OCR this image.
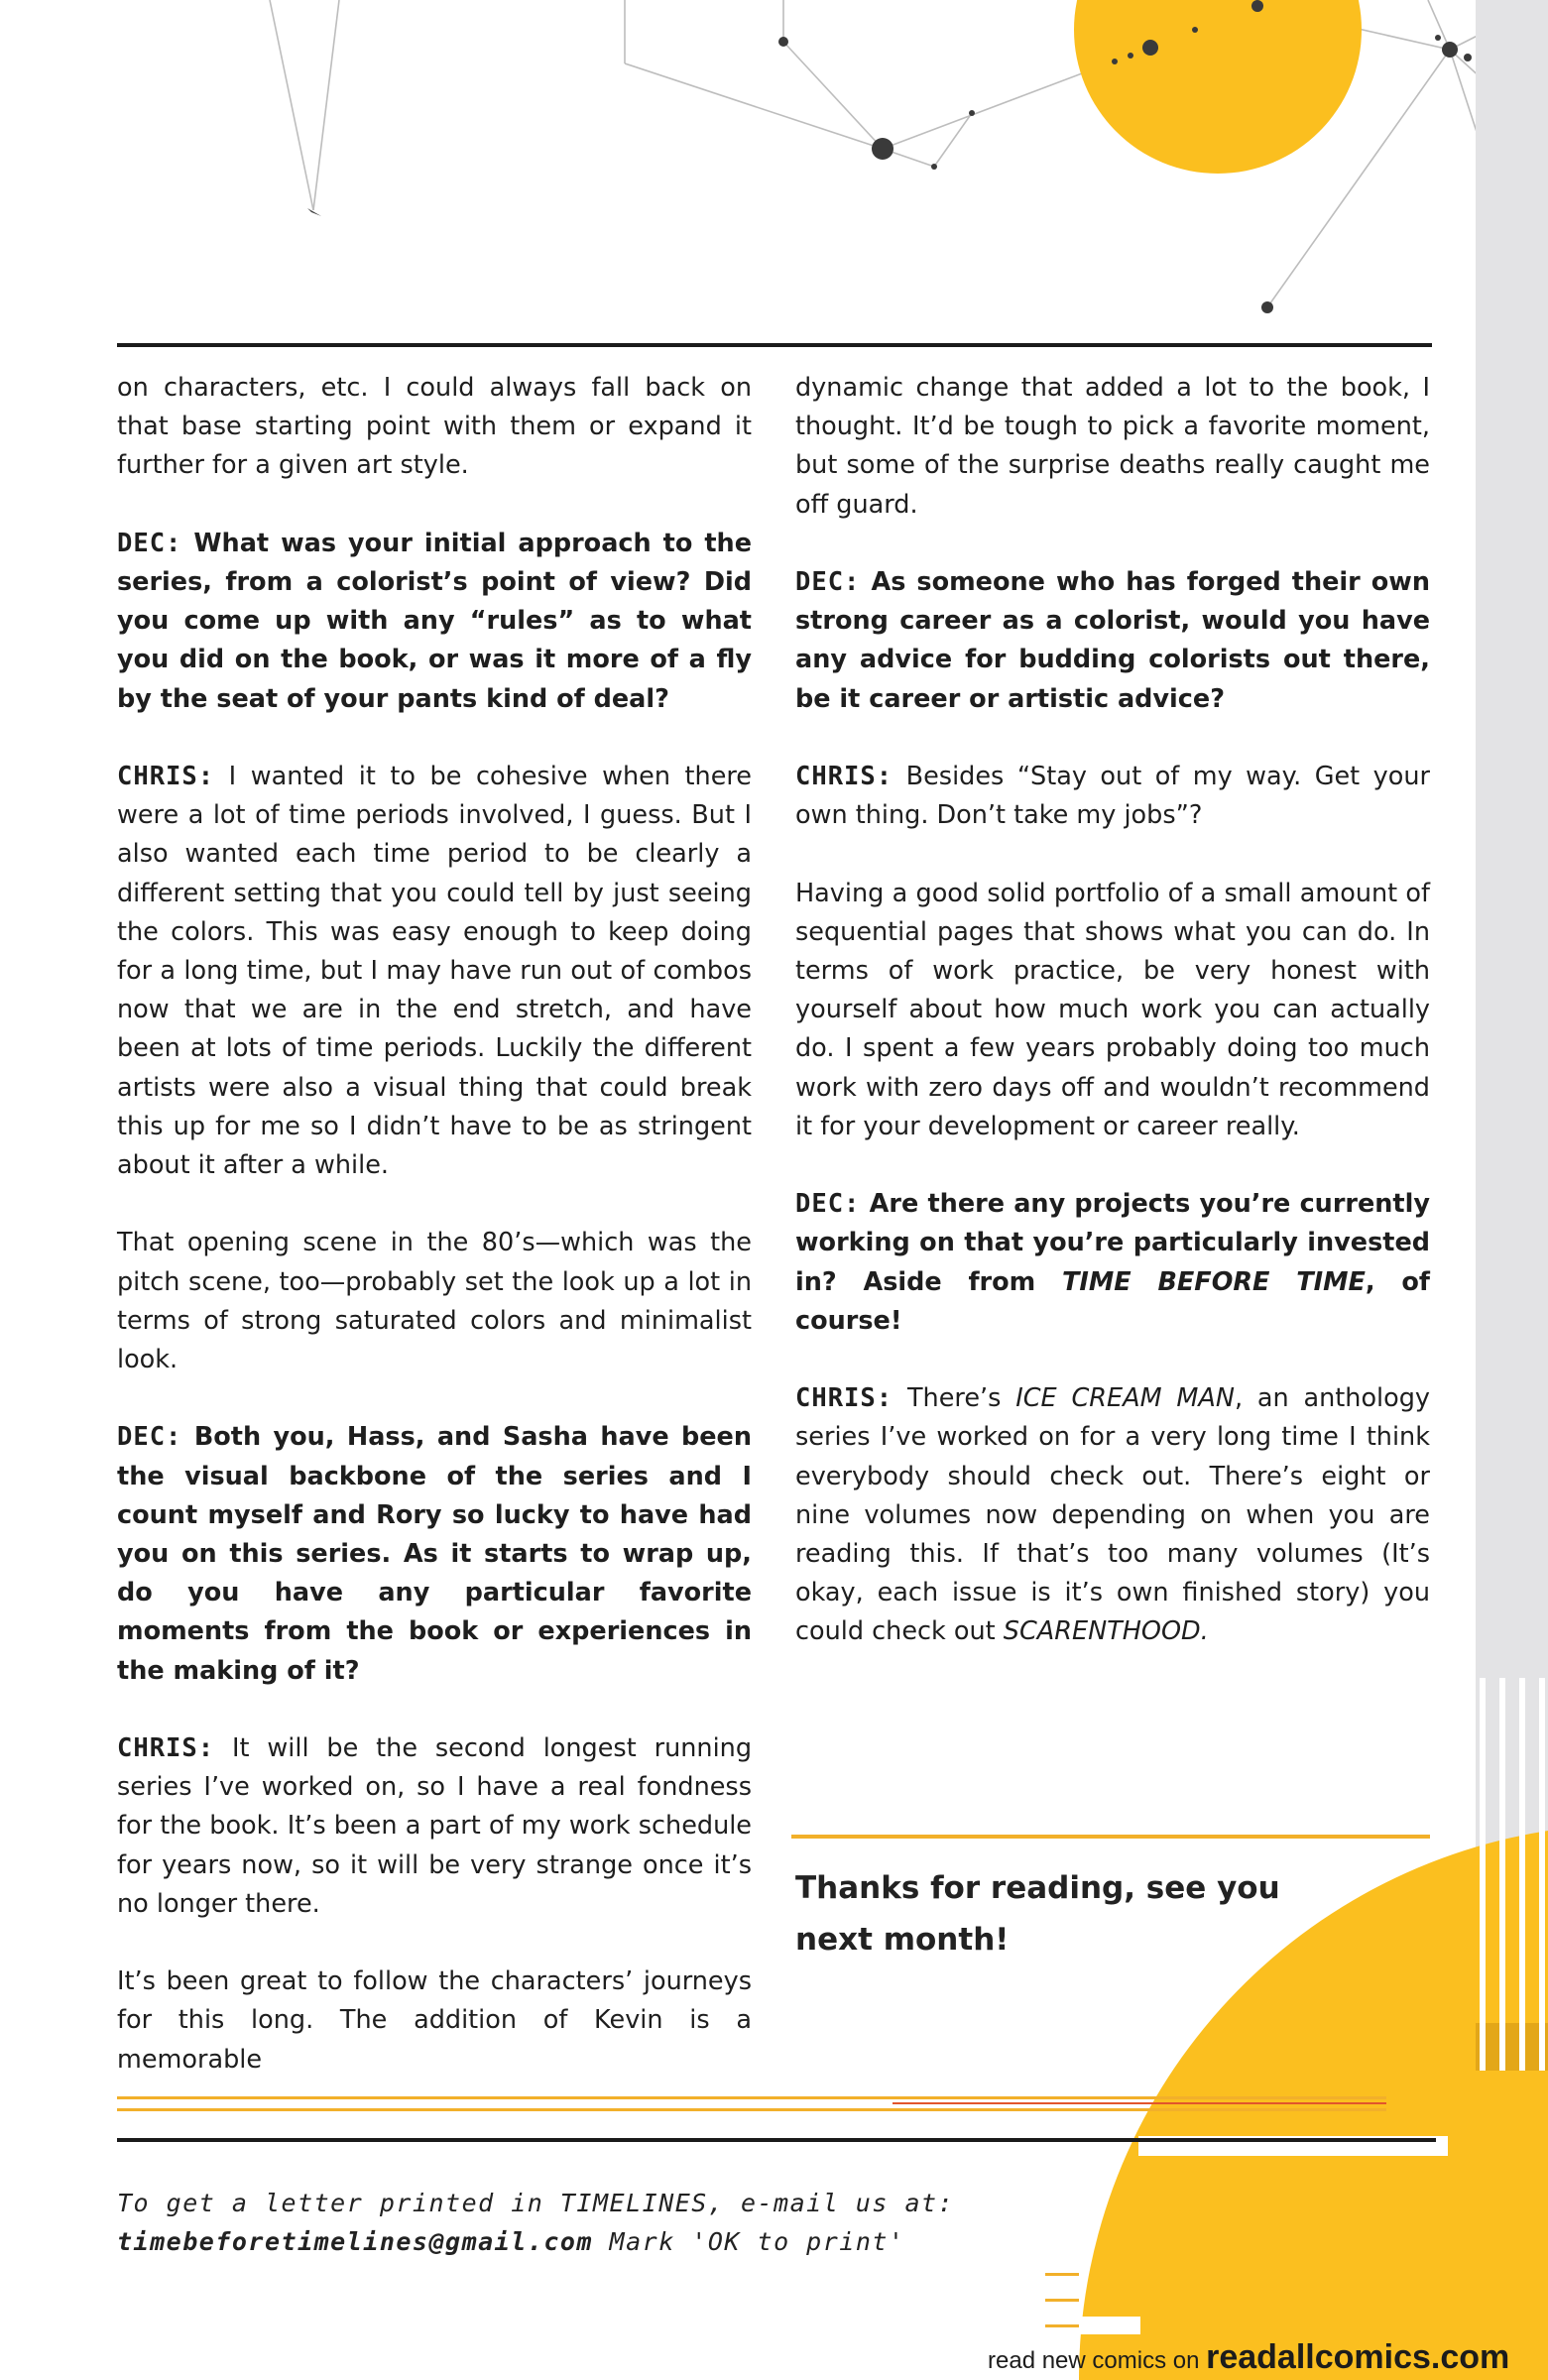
on characters, etc. I could always fall back on that base starting point with them or expand it further for a given art style.

DEC: What was your initial approach to the series, from a colorist’s point of view? Did you come up with any “rules” as to what you did on the book, or was it more of a fly by the seat of your pants kind of deal?

CHRIS: I wanted it to be cohesive when there were a lot of time periods involved, I guess. But I also wanted each time period to be clearly a different setting that you could tell by just seeing the colors. This was easy enough to keep doing for a long time, but I may have run out of combos now that we are in the end stretch, and have been at lots of time periods. Luckily the different artists were also a visual thing that could break this up for me so I didn’t have to be as stringent about it after a while.

That opening scene in the 80’s—which was the pitch scene, too—probably set the look up a lot in terms of strong saturated colors and minimalist look.

DEC: Both you, Hass, and Sasha have been the visual backbone of the series and I count myself and Rory so lucky to have had you on this series. As it starts to wrap up, do you have any particular favorite moments from the book or experiences in the making of it?

CHRIS: It will be the second longest running series I’ve worked on, so I have a real fondness for the book. It’s been a part of my work schedule for years now, so it will be very strange once it’s no longer there.

It’s been great to follow the characters’ journeys for this long. The addition of Kevin is a memorable

dynamic change that added a lot to the book, I thought. It’d be tough to pick a favorite moment, but some of the surprise deaths really caught me off guard.

DEC: As someone who has forged their own strong career as a colorist, would you have any advice for budding colorists out there, be it career or artistic advice?

CHRIS: Besides “Stay out of my way. Get your own thing. Don’t take my jobs”?

Having a good solid portfolio of a small amount of sequential pages that shows what you can do. In terms of work practice, be very honest with yourself about how much work you can actually do. I spent a few years probably doing too much work with zero days off and wouldn’t recommend it for your development or career really.

DEC: Are there any projects you’re currently working on that you’re particularly invested in? Aside from TIME BEFORE TIME, of course!

CHRIS: There’s ICE CREAM MAN, an anthology series I’ve worked on for a very long time I think everybody should check out. There’s eight or nine volumes now depending on when you are reading this. If that’s too many volumes (It’s okay, each issue is it’s own finished story) you could check out SCARENTHOOD.

Thanks for reading, see you
next month!
To get a letter printed in TIMELINES, e-mail us at:
timebeforetimelines@gmail.com Mark 'OK to print'
read new comics on readallcomics.com
